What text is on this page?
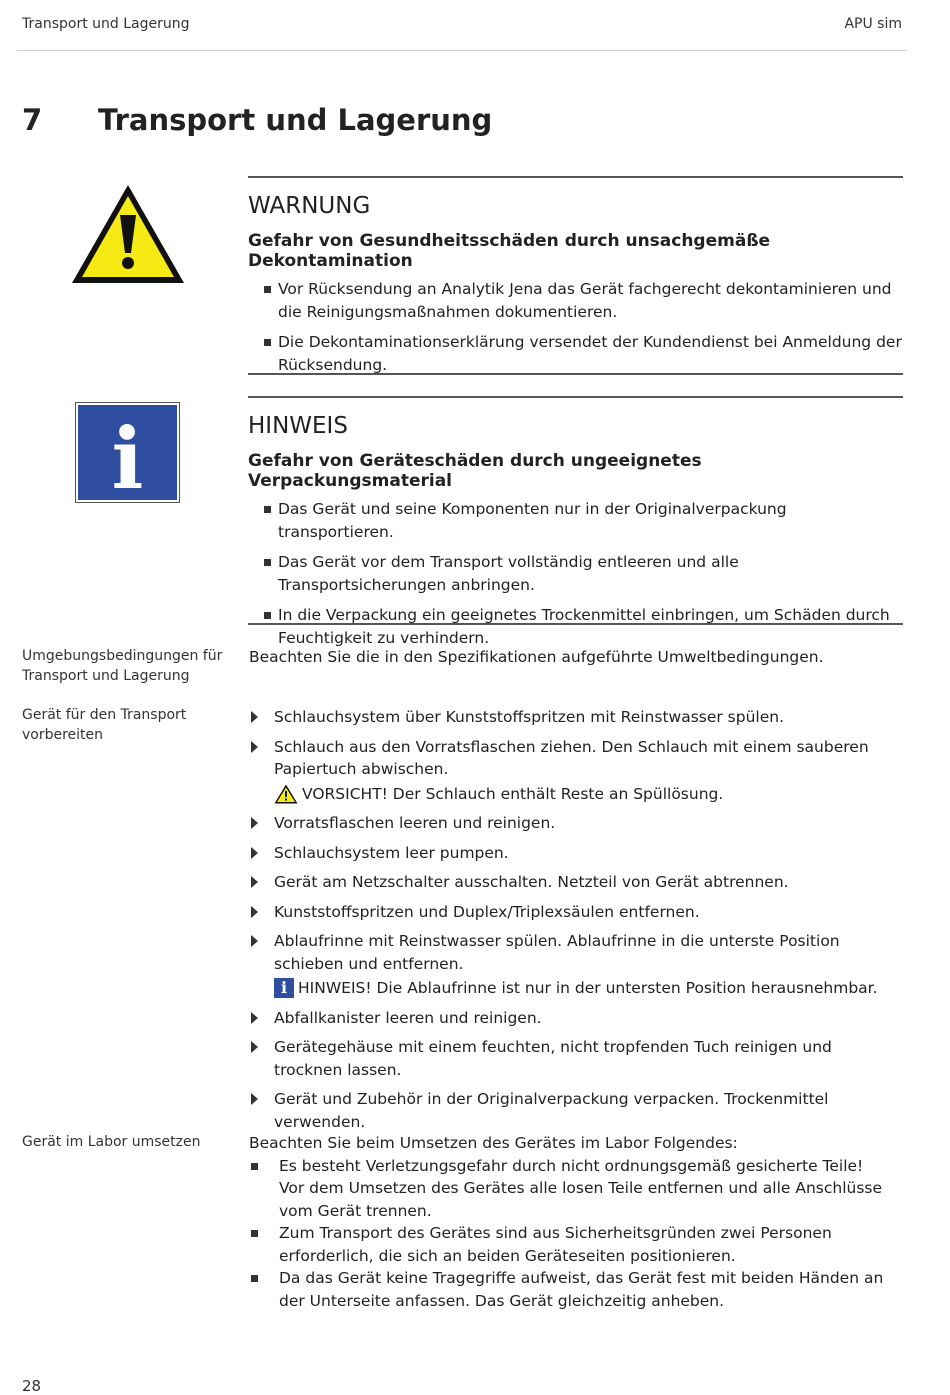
Transport und Lagerung	APU sim
7 Transport und Lagerung
WARNUNG
Gefahr von Gesundheitsschäden durch unsachgemäße Dekontamination
Vor Rücksendung an Analytik Jena das Gerät fachgerecht dekontaminieren und die Reinigungsmaßnahmen dokumentieren.
Die Dekontaminationserklärung versendet der Kundendienst bei Anmeldung der Rücksendung.
i	HINWEIS
Gefahr von Geräteschäden durch ungeeignetes Verpackungsmaterial
Das Gerät und seine Komponenten nur in der Originalverpackung transportieren.
Das Gerät vor dem Transport vollständig entleeren und alle Transportsicherungen anbringen.
In die Verpackung ein geeignetes Trockenmittel einbringen, um Schäden durch Feuchtigkeit zu verhindern.
Umgebungsbedingungen für Transport und Lagerung
Beachten Sie die in den Spezifikationen aufgeführte Umweltbedingungen.
Gerät für den Transport vorbereiten
Schlauchsystem über Kunststoffspritzen mit Reinstwasser spülen.
Schlauch aus den Vorratsflaschen ziehen. Den Schlauch mit einem sauberen Papiertuch abwischen.
VORSICHT! Der Schlauch enthält Reste an Spüllösung.
Vorratsflaschen leeren und reinigen.
Schlauchsystem leer pumpen.
Gerät am Netzschalter ausschalten. Netzteil von Gerät abtrennen.
Kunststoffspritzen und Duplex/Triplexsäulen entfernen.
Ablaufrinne mit Reinstwasser spülen. Ablaufrinne in die unterste Position schieben und entfernen.
i HINWEIS! Die Ablaufrinne ist nur in der untersten Position herausnehmbar.
Abfallkanister leeren und reinigen.
Gerätegehäuse mit einem feuchten, nicht tropfenden Tuch reinigen und trocknen lassen.
Gerät und Zubehör in der Originalverpackung verpacken. Trockenmittel verwenden.
Gerät im Labor umsetzen	Beachten Sie beim Umsetzen des Gerätes im Labor Folgendes:
Es besteht Verletzungsgefahr durch nicht ordnungsgemäß gesicherte Teile!
Vor dem Umsetzen des Gerätes alle losen Teile entfernen und alle Anschlüsse vom Gerät trennen.
Zum Transport des Gerätes sind aus Sicherheitsgründen zwei Personen erforderlich, die sich an beiden Geräteseiten positionieren.
Da das Gerät keine Tragegriffe aufweist, das Gerät fest mit beiden Händen an der Unterseite anfassen. Das Gerät gleichzeitig anheben.
28
